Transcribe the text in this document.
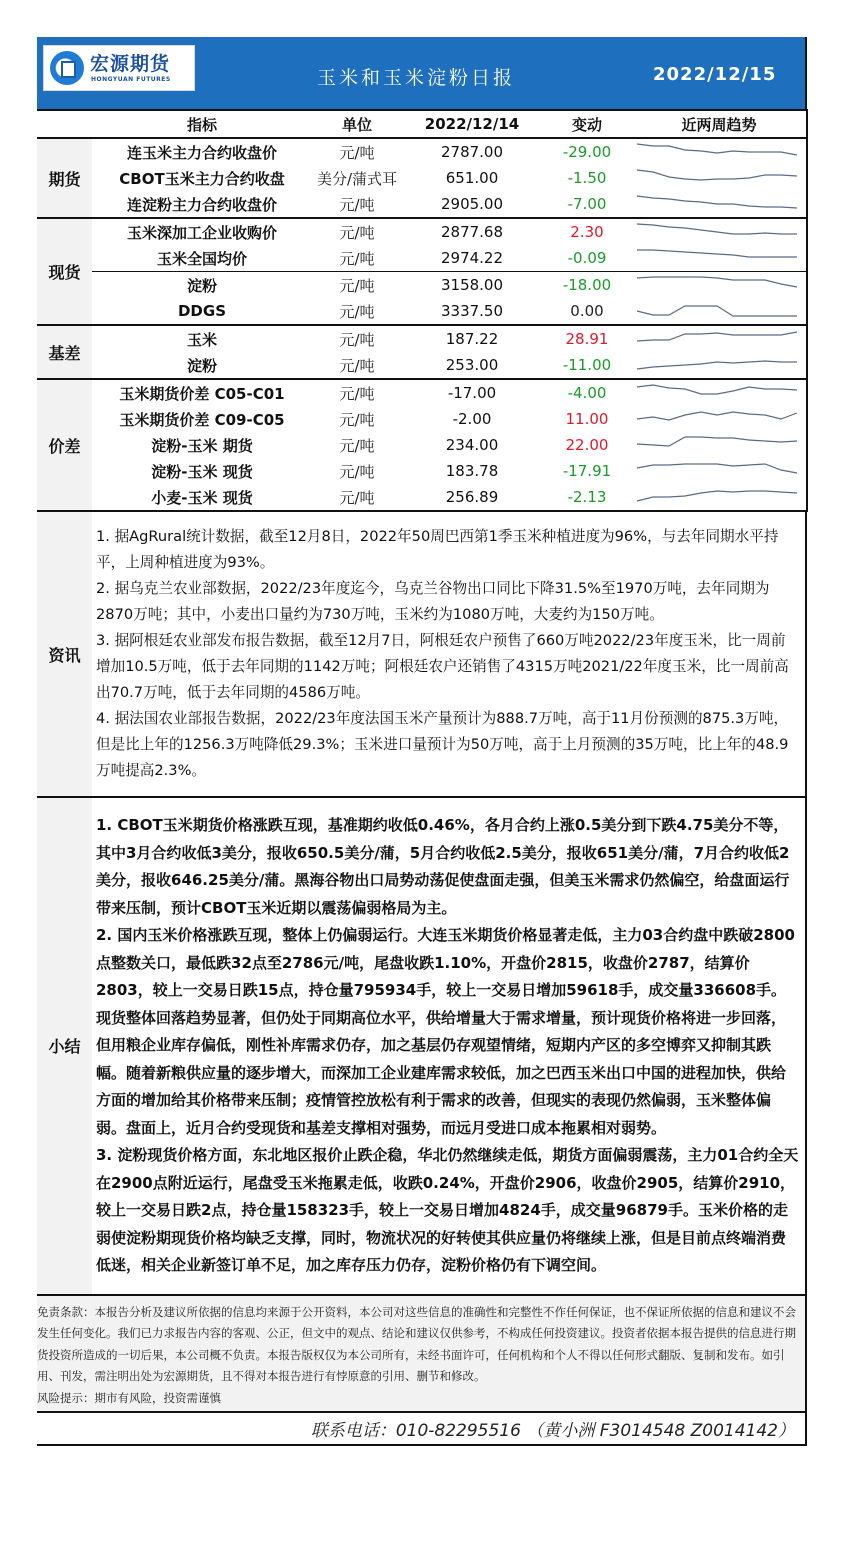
宏源期货
HONGYUAN FUTURES	玉米和玉米淀粉日报	2022/12/15
	指标	单位	2022/12/14	变动	近两周趋势
期货	连玉米主力合约收盘价	元/吨	2787.00	-29.00	

	CBOT玉米主力合约收盘	美分/蒲式耳	651.00	-1.50	

	连淀粉主力合约收盘价	元/吨	2905.00	-7.00	

现货	玉米深加工企业收购价	元/吨	2877.68	2.30	

	玉米全国均价	元/吨	2974.22	-0.09	

	淀粉	元/吨	3158.00	-18.00	

	DDGS	元/吨	3337.50	0.00	

基差	玉米	元/吨	187.22	28.91	

	淀粉	元/吨	253.00	-11.00	

价差	玉米期货价差 C05-C01	元/吨	-17.00	-4.00	

	玉米期货价差 C09-C05	元/吨	-2.00	11.00	

	淀粉-玉米 期货	元/吨	234.00	22.00	

	淀粉-玉米 现货	元/吨	183.78	-17.91	

	小麦-玉米 现货	元/吨	256.89	-2.13	
资讯
1. 据AgRural统计数据，截至12月8日，2022年50周巴西第1季玉米种植进度为96%，与去年同期水平持平，上周种植进度为93%。
2. 据乌克兰农业部数据，2022/23年度迄今，乌克兰谷物出口同比下降31.5%至1970万吨，去年同期为2870万吨；其中，小麦出口量约为730万吨，玉米约为1080万吨，大麦约为150万吨。
3. 据阿根廷农业部发布报告数据，截至12月7日，阿根廷农户预售了660万吨2022/23年度玉米，比一周前增加10.5万吨，低于去年同期的1142万吨；阿根廷农户还销售了4315万吨2021/22年度玉米，比一周前高出70.7万吨，低于去年同期的4586万吨。
4. 据法国农业部报告数据，2022/23年度法国玉米产量预计为888.7万吨，高于11月份预测的875.3万吨，但是比上年的1256.3万吨降低29.3%；玉米进口量预计为50万吨，高于上月预测的35万吨，比上年的48.9万吨提高2.3%。
小结
1. CBOT玉米期货价格涨跌互现，基准期约收低0.46%，各月合约上涨0.5美分到下跌4.75美分不等，其中3月合约收低3美分，报收650.5美分/蒲，5月合约收低2.5美分，报收651美分/蒲，7月合约收低2美分，报收646.25美分/蒲。黑海谷物出口局势动荡促使盘面走强，但美玉米需求仍然偏空，给盘面运行带来压制，预计CBOT玉米近期以震荡偏弱格局为主。
2. 国内玉米价格涨跌互现，整体上仍偏弱运行。大连玉米期货价格显著走低，主力03合约盘中跌破2800点整数关口，最低跌32点至2786元/吨，尾盘收跌1.10%，开盘价2815，收盘价2787，结算价2803，较上一交易日跌15点，持仓量795934手，较上一交易日增加59618手，成交量336608手。现货整体回落趋势显著，但仍处于同期高位水平，供给增量大于需求增量，预计现货价格将进一步回落，但用粮企业库存偏低，刚性补库需求仍存，加之基层仍存观望情绪，短期内产区的多空博弈又抑制其跌幅。随着新粮供应量的逐步增大，而深加工企业建库需求较低，加之巴西玉米出口中国的进程加快，供给方面的增加给其价格带来压制；疫情管控放松有利于需求的改善，但现实的表现仍然偏弱，玉米整体偏弱。盘面上，近月合约受现货和基差支撑相对强势，而远月受进口成本拖累相对弱势。
3. 淀粉现货价格方面，东北地区报价止跌企稳，华北仍然继续走低，期货方面偏弱震荡，主力01合约全天在2900点附近运行，尾盘受玉米拖累走低，收跌0.24%，开盘价2906，收盘价2905，结算价2910，较上一交易日跌2点，持仓量158323手，较上一交易日增加4824手，成交量96879手。玉米价格的走弱使淀粉期现货价格均缺乏支撑，同时，物流状况的好转使其供应量仍将继续上涨，但是目前点终端消费低迷，相关企业新签订单不足，加之库存压力仍存，淀粉价格仍有下调空间。
免责条款：本报告分析及建议所依据的信息均来源于公开资料，本公司对这些信息的准确性和完整性不作任何保证，也不保证所依据的信息和建议不会发生任何变化。我们已力求报告内容的客观、公正，但文中的观点、结论和建议仅供参考，不构成任何投资建议。投资者依据本报告提供的信息进行期货投资所造成的一切后果，本公司概不负责。本报告版权仅为本公司所有，未经书面许可，任何机构和个人不得以任何形式翻版、复制和发布。如引用、刊发，需注明出处为宏源期货，且不得对本报告进行有悖原意的引用、删节和修改。
风险提示：期市有风险，投资需谨慎
联系电话：010-82295516 （黄小洲 F3014548 Z0014142）
